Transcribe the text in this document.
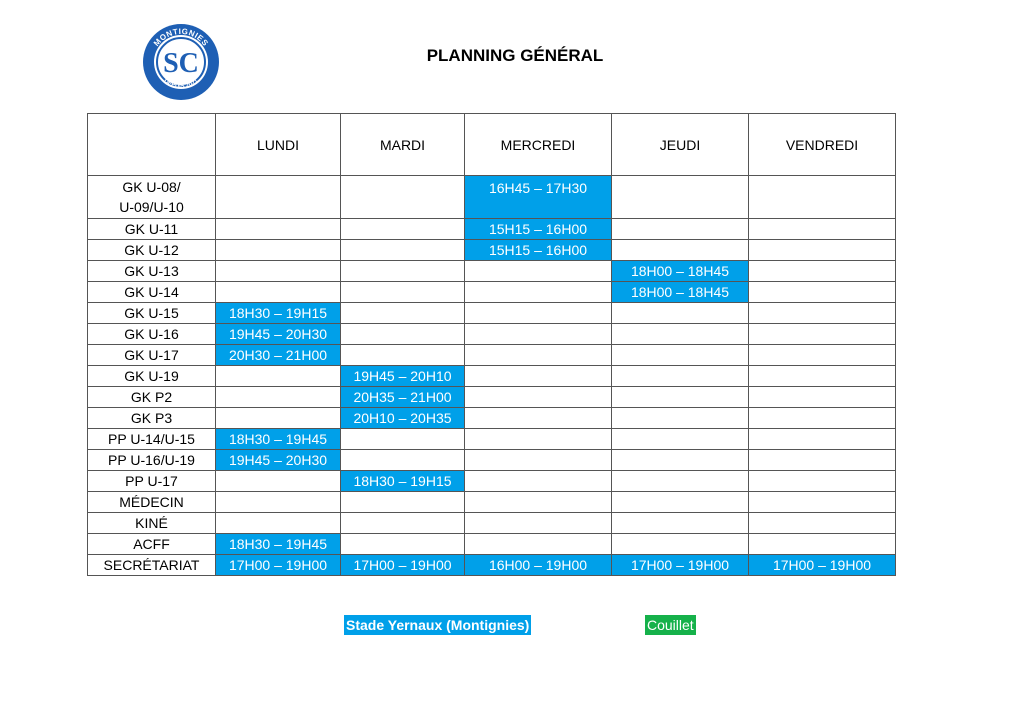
MONTIGNIES
DEPUIS 2021
SC	PLANNING GÉNÉRAL
	LUNDI	MARDI	MERCREDI	JEUDI	VENDREDI
GK U-08/
U-09/U-10			16H45 – 17H30		
GK U-11			15H15 – 16H00		
GK U-12			15H15 – 16H00		
GK U-13				18H00 – 18H45	
GK U-14				18H00 – 18H45	
GK U-15	18H30 – 19H15				
GK U-16	19H45 – 20H30				
GK U-17	20H30 – 21H00				
GK U-19		19H45 – 20H10			
GK P2		20H35 – 21H00			
GK P3		20H10 – 20H35			
PP U-14/U-15	18H30 – 19H45				
PP U-16/U-19	19H45 – 20H30				
PP U-17		18H30 – 19H15			
MÉDECIN					
KINÉ					
ACFF	18H30 – 19H45				
SECRÉTARIAT	17H00 – 19H00	17H00 – 19H00	16H00 – 19H00	17H00 – 19H00	17H00 – 19H00
Stade Yernaux (Montignies)	Couillet
